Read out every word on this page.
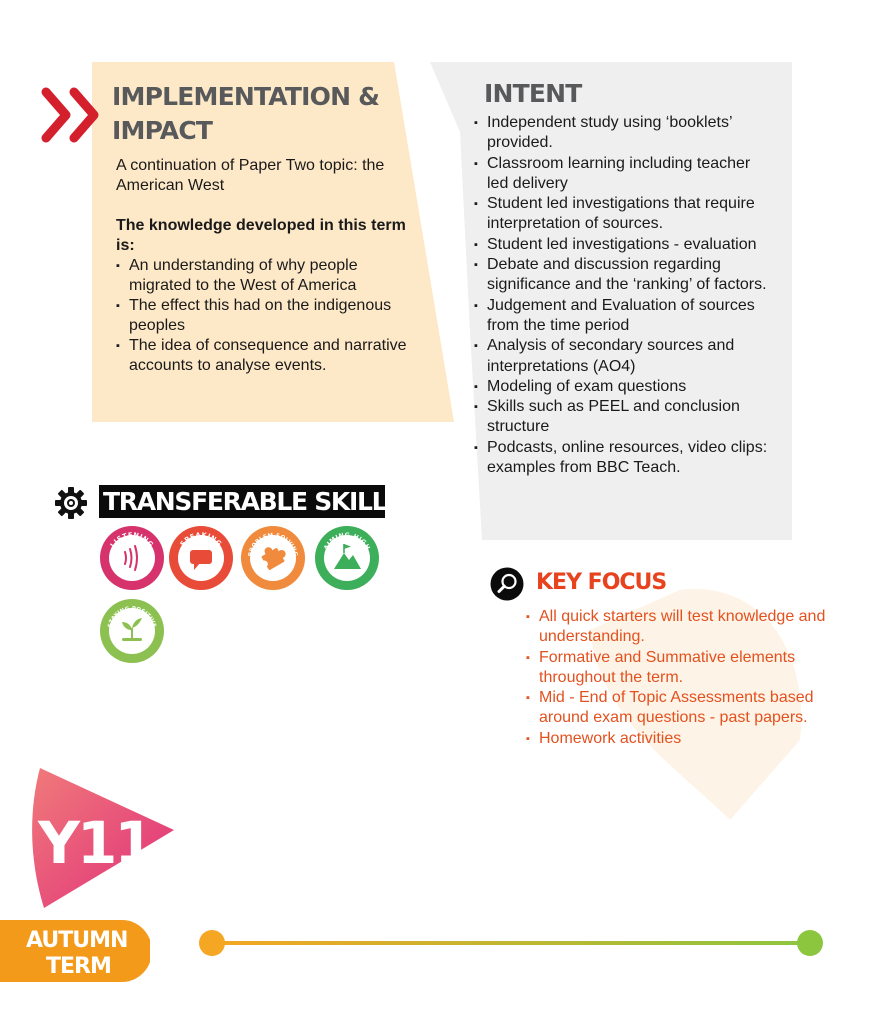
IMPLEMENTATION &
IMPACT

A continuation of Paper Two topic: the American West

The knowledge developed in this term is:

▪ An understanding of why people migrated to the West of America
▪ The effect this had on the indigenous peoples
▪ The idea of consequence and narrative accounts to analyse events.
INTENT
▪ Independent study using ‘booklets’ provided.
▪ Classroom learning including teacher led delivery
▪ Student led investigations that require interpretation of sources.
▪ Student led investigations - evaluation
▪ Debate and discussion regarding significance and the ‘ranking’ of factors.
▪ Judgement and Evaluation of sources from the time period
▪ Analysis of secondary sources and interpretations (AO4)
▪ Modeling of exam questions
▪ Skills such as PEEL and conclusion structure
▪ Podcasts, online resources, video clips: examples from BBC Teach.
TRANSFERABLE SKILLS:
LISTENING	SPEAKING
PROBLEM SOLVING
AIMING HIGH
STAYING POSITIVE
KEY FOCUS
▪ All quick starters will test knowledge and understanding.
▪ Formative and Summative elements throughout the term.
▪ Mid - End of Topic Assessments based around exam questions - past papers.
▪ Homework activities
Y11
AUTUMN
TERM
